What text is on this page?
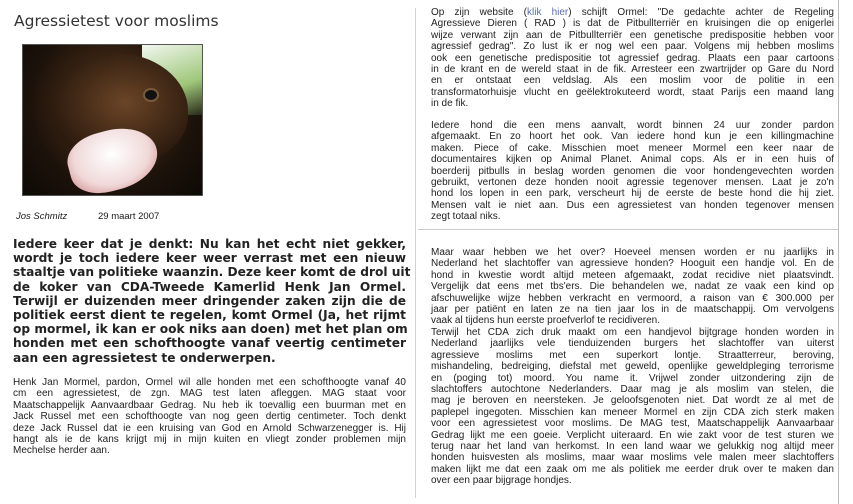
Agressietest voor moslims
Jos Schmitz	29 maart 2007
Iedere keer dat je denkt: Nu kan het echt niet gekker,
wordt je toch iedere keer weer verrast met een nieuw
staaltje van politieke waanzin. Deze keer komt de drol uit
de koker van CDA-Tweede Kamerlid Henk Jan Ormel.
Terwijl er duizenden meer dringender zaken zijn die de
politiek eerst dient te regelen, komt Ormel (Ja, het rijmt
op mormel, ik kan er ook niks aan doen) met het plan om
honden met een schofthoogte vanaf veertig centimeter
aan een agressietest te onderwerpen.
Henk Jan Mormel, pardon, Ormel wil alle honden met een schofthoogte vanaf 40
cm een agressietest, de zgn. MAG test laten afleggen. MAG staat voor
Maatschappelijk Aanvaardbaar Gedrag. Nu heb ik toevallig een buurman met en
Jack Russel met een schofthoogte van nog geen dertig centimeter. Toch denkt
deze Jack Russel dat ie een kruising van God en Arnold Schwarzenegger is. Hij
hangt als ie de kans krijgt mij in mijn kuiten en vliegt zonder problemen mijn
Mechelse herder aan.
Op zijn website (klik hier) schijft Ormel: "De gedachte achter de Regeling
Agressieve Dieren ( RAD ) is dat de Pitbullterriër en kruisingen die op enigerlei
wijze verwant zijn aan de Pitbullterriër een genetische predispositie hebben voor
agressief gedrag". Zo lust ik er nog wel een paar. Volgens mij hebben moslims
ook een genetische predispositie tot agressief gedrag. Plaats een paar cartoons
in de krant en de wereld staat in de fik. Arresteer een zwartrijder op Gare du Nord
en er ontstaat een veldslag. Als een moslim voor de politie in een
transformatorhuisje vlucht en geëlektrokuteerd wordt, staat Parijs een maand lang
in de fik.
Iedere hond die een mens aanvalt, wordt binnen 24 uur zonder pardon
afgemaakt. En zo hoort het ook. Van iedere hond kun je een killingmachine
maken. Piece of cake. Misschien moet meneer Mormel een keer naar de
documentaires kijken op Animal Planet. Animal cops. Als er in een huis of
boerderij pitbulls in beslag worden genomen die voor hondengevechten worden
gebruikt, vertonen deze honden nooit agressie tegenover mensen. Laat je zo'n
hond los lopen in een park, verscheurt hij de eerste de beste hond die hij ziet.
Mensen valt ie niet aan. Dus een agressietest van honden tegenover mensen
zegt totaal niks.
Maar waar hebben we het over? Hoeveel mensen worden er nu jaarlijks in
Nederland het slachtoffer van agressieve honden? Hooguit een handje vol. En de
hond in kwestie wordt altijd meteen afgemaakt, zodat recidive niet plaatsvindt.
Vergelijk dat eens met tbs'ers. Die behandelen we, nadat ze vaak een kind op
afschuwelijke wijze hebben verkracht en vermoord, a raison van € 300.000 per
jaar per patiënt en laten ze na tien jaar los in de maatschappij. Om vervolgens
vaak al tijdens hun eerste proefverlof te recidiveren.
Terwijl het CDA zich druk maakt om een handjevol bijtgrage honden worden in
Nederland jaarlijks vele tienduizenden burgers het slachtoffer van uiterst
agressieve moslims met een superkort lontje. Straatterreur, beroving,
mishandeling, bedreiging, diefstal met geweld, openlijke geweldpleging terrorisme
en (poging tot) moord. You name it. Vrijwel zonder uitzondering zijn de
slachtoffers autochtone Nederlanders. Daar mag je als moslim van stelen, die
mag je beroven en neersteken. Je geloofsgenoten niet. Dat wordt ze al met de
paplepel ingegoten. Misschien kan meneer Mormel en zijn CDA zich sterk maken
voor een agressietest voor moslims. De MAG test, Maatschappelijk Aanvaarbaar
Gedrag lijkt me een goeie. Verplicht uiteraard. En wie zakt voor de test sturen we
terug naar het land van herkomst. In een land waar we gelukkig nog altijd meer
honden huisvesten als moslims, maar waar moslims vele malen meer slachtoffers
maken lijkt me dat een zaak om me als politiek me eerder druk over te maken dan
over een paar bijgrage hondjes.
